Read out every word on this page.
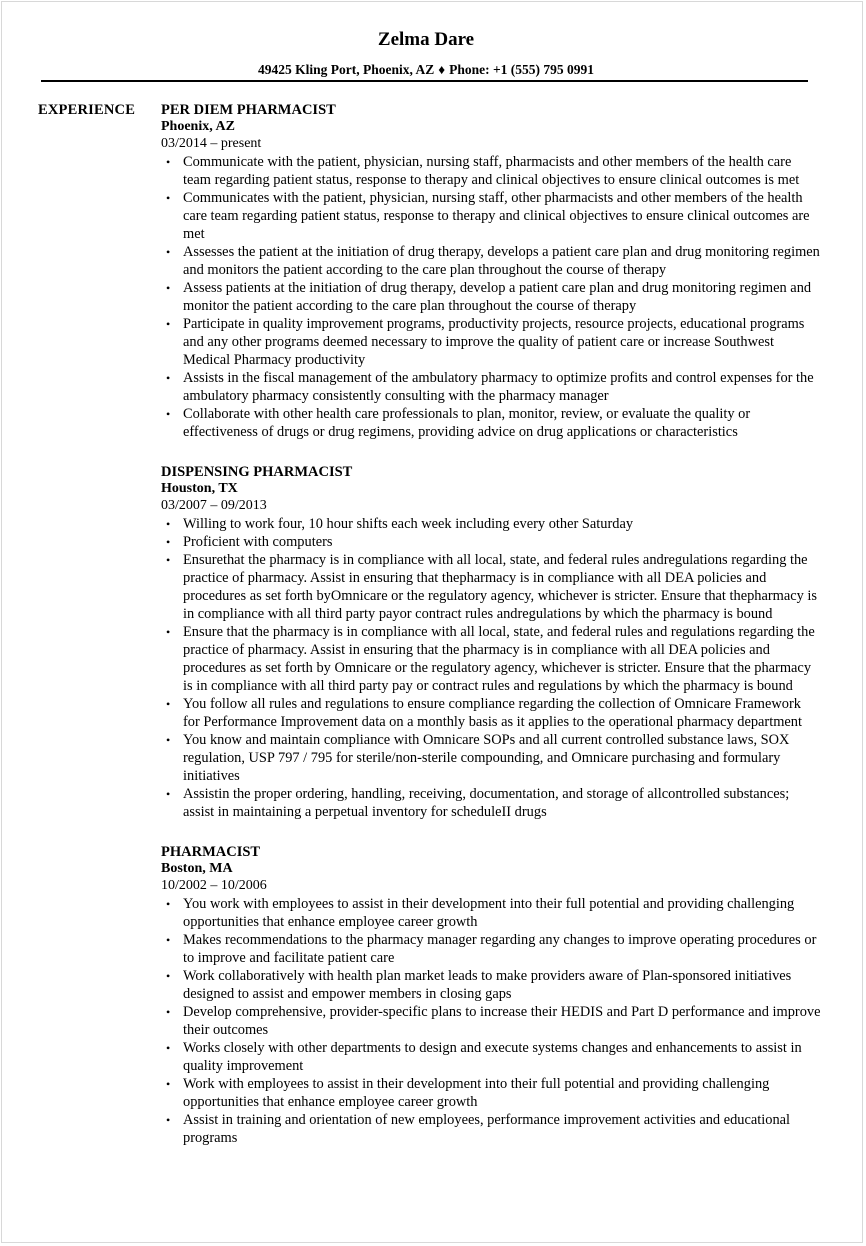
Zelma Dare
49425 Kling Port, Phoenix, AZ ♦ Phone: +1 (555) 795 0991
EXPERIENCE PER DIEM PHARMACIST
Phoenix, AZ
03/2014 – present
• Communicate with the patient, physician, nursing staff, pharmacists and other members of the health care team regarding patient status, response to therapy and clinical objectives to ensure clinical outcomes is met
• Communicates with the patient, physician, nursing staff, other pharmacists and other members of the health care team regarding patient status, response to therapy and clinical objectives to ensure clinical outcomes are met
• Assesses the patient at the initiation of drug therapy, develops a patient care plan and drug monitoring regimen and monitors the patient according to the care plan throughout the course of therapy
• Assess patients at the initiation of drug therapy, develop a patient care plan and drug monitoring regimen and monitor the patient according to the care plan throughout the course of therapy
• Participate in quality improvement programs, productivity projects, resource projects, educational programs and any other programs deemed necessary to improve the quality of patient care or increase Southwest Medical Pharmacy productivity
• Assists in the fiscal management of the ambulatory pharmacy to optimize profits and control expenses for the ambulatory pharmacy consistently consulting with the pharmacy manager
• Collaborate with other health care professionals to plan, monitor, review, or evaluate the quality or effectiveness of drugs or drug regimens, providing advice on drug applications or characteristics
DISPENSING PHARMACIST
Houston, TX
03/2007 – 09/2013
• Willing to work four, 10 hour shifts each week including every other Saturday
• Proficient with computers
• Ensurethat the pharmacy is in compliance with all local, state, and federal rules andregulations regarding the practice of pharmacy. Assist in ensuring that thepharmacy is in compliance with all DEA policies and procedures as set forth byOmnicare or the regulatory agency, whichever is stricter. Ensure that thepharmacy is in compliance with all third party payor contract rules andregulations by which the pharmacy is bound
• Ensure that the pharmacy is in compliance with all local, state, and federal rules and regulations regarding the practice of pharmacy. Assist in ensuring that the pharmacy is in compliance with all DEA policies and procedures as set forth by Omnicare or the regulatory agency, whichever is stricter. Ensure that the pharmacy is in compliance with all third party pay or contract rules and regulations by which the pharmacy is bound
• You follow all rules and regulations to ensure compliance regarding the collection of Omnicare Framework for Performance Improvement data on a monthly basis as it applies to the operational pharmacy department
• You know and maintain compliance with Omnicare SOPs and all current controlled substance laws, SOX regulation, USP 797 / 795 for sterile/non-sterile compounding, and Omnicare purchasing and formulary initiatives
• Assistin the proper ordering, handling, receiving, documentation, and storage of allcontrolled substances; assist in maintaining a perpetual inventory for scheduleII drugs
PHARMACIST
Boston, MA
10/2002 – 10/2006
• You work with employees to assist in their development into their full potential and providing challenging opportunities that enhance employee career growth
• Makes recommendations to the pharmacy manager regarding any changes to improve operating procedures or to improve and facilitate patient care
• Work collaboratively with health plan market leads to make providers aware of Plan-sponsored initiatives designed to assist and empower members in closing gaps
• Develop comprehensive, provider-specific plans to increase their HEDIS and Part D performance and improve their outcomes
• Works closely with other departments to design and execute systems changes and enhancements to assist in quality improvement
• Work with employees to assist in their development into their full potential and providing challenging opportunities that enhance employee career growth
• Assist in training and orientation of new employees, performance improvement activities and educational programs
